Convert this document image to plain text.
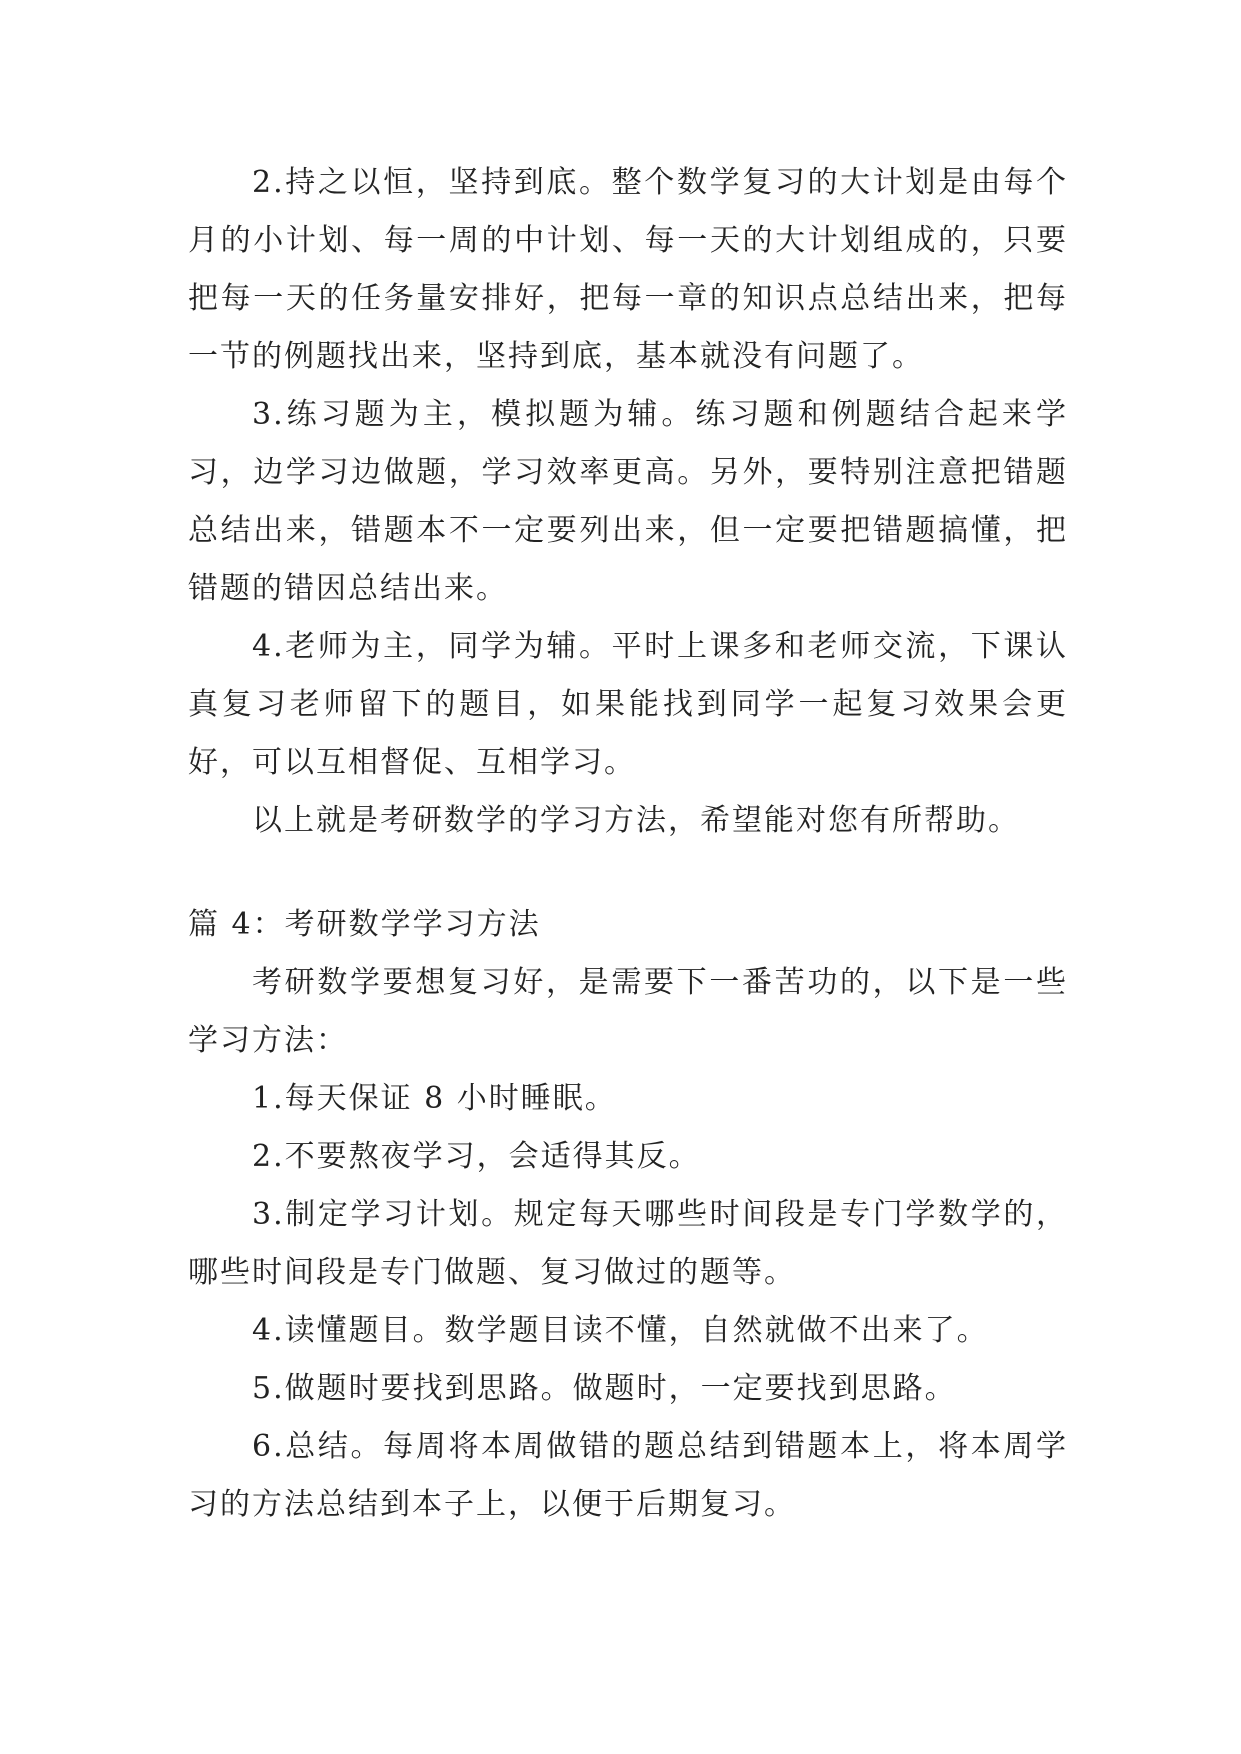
2.持之以恒，坚持到底。整个数学复习的大计划是由每个月的小计划、每一周的中计划、每一天的大计划组成的，只要把每一天的任务量安排好，把每一章的知识点总结出来，把每一节的例题找出来，坚持到底，基本就没有问题了。

3.练习题为主，模拟题为辅。练习题和例题结合起来学习，边学习边做题，学习效率更高。另外，要特别注意把错题总结出来，错题本不一定要列出来，但一定要把错题搞懂，把错题的错因总结出来。

4.老师为主，同学为辅。平时上课多和老师交流，下课认真复习老师留下的题目，如果能找到同学一起复习效果会更好，可以互相督促、互相学习。

以上就是考研数学的学习方法，希望能对您有所帮助。

篇 4：考研数学学习方法

考研数学要想复习好，是需要下一番苦功的，以下是一些学习方法：

1.每天保证 8 小时睡眠。

2.不要熬夜学习，会适得其反。

3.制定学习计划。规定每天哪些时间段是专门学数学的，哪些时间段是专门做题、复习做过的题等。

4.读懂题目。数学题目读不懂，自然就做不出来了。

5.做题时要找到思路。做题时，一定要找到思路。

6.总结。每周将本周做错的题总结到错题本上，将本周学习的方法总结到本子上，以便于后期复习。
